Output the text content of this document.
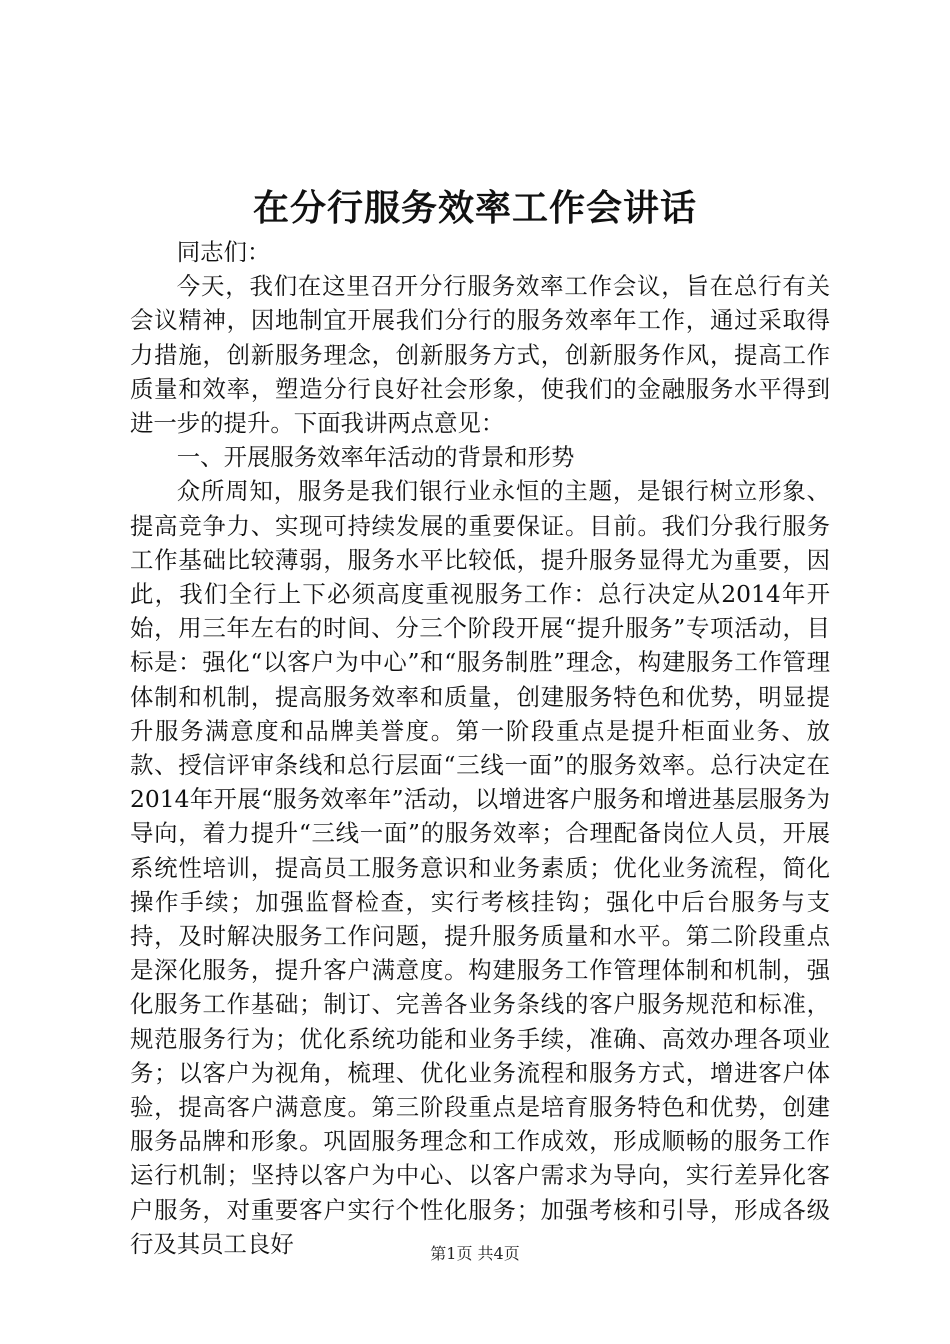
在分行服务效率工作会讲话

同志们：

今天，我们在这里召开分行服务效率工作会议，旨在总行有关会议精神，因地制宜开展我们分行的服务效率年工作，通过采取得力措施，创新服务理念，创新服务方式，创新服务作风，提高工作质量和效率，塑造分行良好社会形象，使我们的金融服务水平得到进一步的提升。下面我讲两点意见：

一、开展服务效率年活动的背景和形势

众所周知，服务是我们银行业永恒的主题，是银行树立形象、提高竞争力、实现可持续发展的重要保证。目前。我们分我行服务工作基础比较薄弱，服务水平比较低，提升服务显得尤为重要，因此，我们全行上下必须高度重视服务工作：总行决定从2014年开始，用三年左右的时间、分三个阶段开展“提升服务”专项活动，目标是：强化“以客户为中心”和“服务制胜”理念，构建服务工作管理体制和机制，提高服务效率和质量，创建服务特色和优势，明显提升服务满意度和品牌美誉度。第一阶段重点是提升柜面业务、放款、授信评审条线和总行层面“三线一面”的服务效率。总行决定在2014年开展“服务效率年”活动，以增进客户服务和增进基层服务为导向，着力提升“三线一面”的服务效率；合理配备岗位人员，开展系统性培训，提高员工服务意识和业务素质；优化业务流程，简化操作手续；加强监督检查，实行考核挂钩；强化中后台服务与支持，及时解决服务工作问题，提升服务质量和水平。第二阶段重点是深化服务，提升客户满意度。构建服务工作管理体制和机制，强化服务工作基础；制订、完善各业务条线的客户服务规范和标准，规范服务行为；优化系统功能和业务手续，准确、高效办理各项业务；以客户为视角，梳理、优化业务流程和服务方式，增进客户体验，提高客户满意度。第三阶段重点是培育服务特色和优势，创建服务品牌和形象。巩固服务理念和工作成效，形成顺畅的服务工作运行机制；坚持以客户为中心、以客户需求为导向，实行差异化客户服务，对重要客户实行个性化服务；加强考核和引导，形成各级行及其员工良好	第1页 共4页
